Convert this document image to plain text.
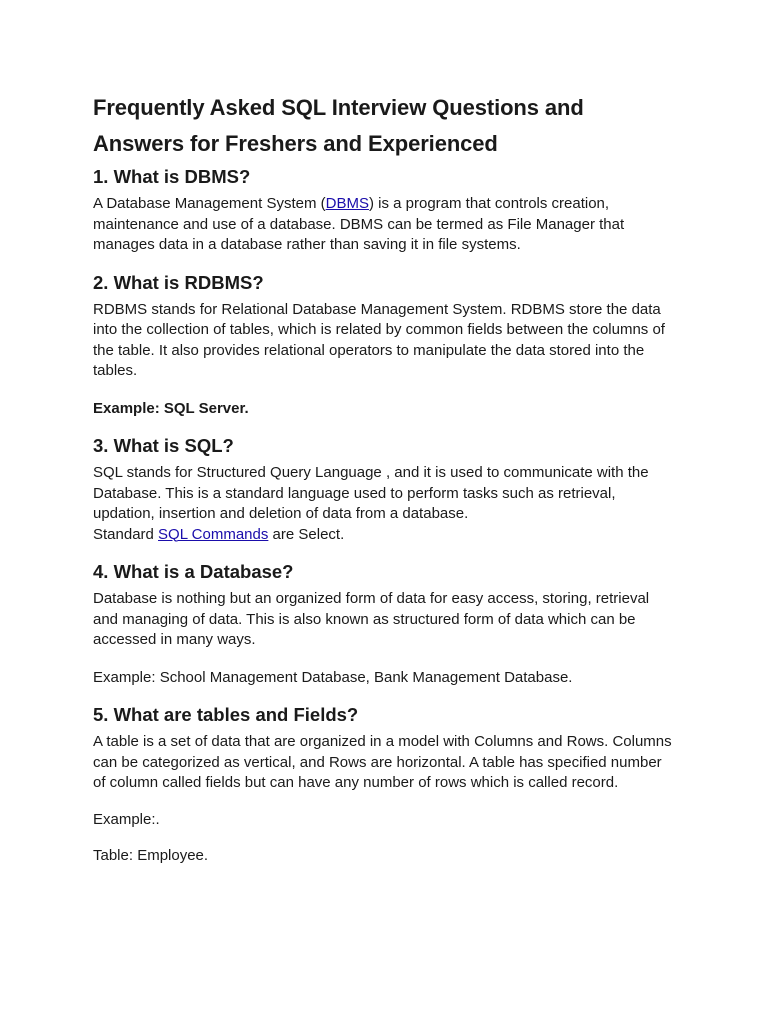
Frequently Asked SQL Interview Questions and Answers for Freshers and Experienced
1. What is DBMS?

A Database Management System (DBMS) is a program that controls creation, maintenance and use of a database. DBMS can be termed as File Manager that manages data in a database rather than saving it in file systems.

2. What is RDBMS?

RDBMS stands for Relational Database Management System. RDBMS store the data into the collection of tables, which is related by common fields between the columns of the table. It also provides relational operators to manipulate the data stored into the tables.

Example: SQL Server.

3. What is SQL?

SQL stands for Structured Query Language , and it is used to communicate with the Database. This is a standard language used to perform tasks such as retrieval, updation, insertion and deletion of data from a database.

Standard SQL Commands are Select.

4. What is a Database?

Database is nothing but an organized form of data for easy access, storing, retrieval and managing of data. This is also known as structured form of data which can be accessed in many ways.

Example: School Management Database, Bank Management Database.

5. What are tables and Fields?

A table is a set of data that are organized in a model with Columns and Rows. Columns can be categorized as vertical, and Rows are horizontal. A table has specified number of column called fields but can have any number of rows which is called record.

Example:.

Table: Employee.
